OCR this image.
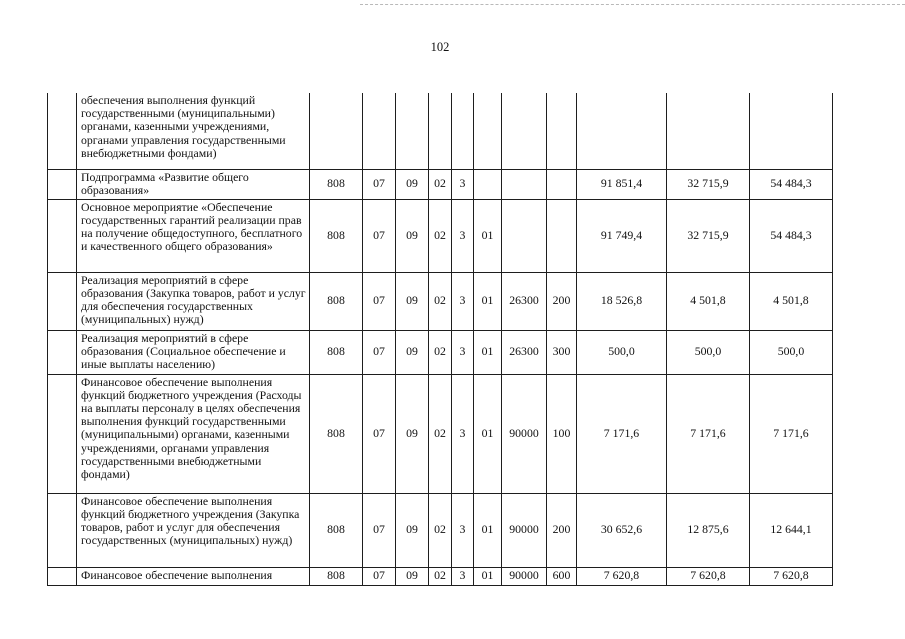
102
	обеспечения выполнения функций государственными (муниципальными) органами, казенными учреждениями, органами управления государственными внебюджетными фондами)											
	Подпрограмма «Развитие общего образования»	808	07	09	02	3				91 851,4	32 715,9	54 484,3
	Основное мероприятие «Обеспечение государственных гарантий реализации прав на получение общедоступного, бесплатного и качественного общего образования»	808	07	09	02	3	01			91 749,4	32 715,9	54 484,3
	Реализация мероприятий в сфере образования (Закупка товаров, работ и услуг для обеспечения государственных (муниципальных) нужд)	808	07	09	02	3	01	26300	200	18 526,8	4 501,8	4 501,8
	Реализация мероприятий в сфере образования (Социальное обеспечение и иные выплаты населению)	808	07	09	02	3	01	26300	300	500,0	500,0	500,0
	Финансовое обеспечение выполнения функций бюджетного учреждения (Расходы на выплаты персоналу в целях обеспечения выполнения функций государственными (муниципальными) органами, казенными учреждениями, органами управления государственными внебюджетными фондами)	808	07	09	02	3	01	90000	100	7 171,6	7 171,6	7 171,6
	Финансовое обеспечение выполнения функций бюджетного учреждения (Закупка товаров, работ и услуг для обеспечения государственных (муниципальных) нужд)	808	07	09	02	3	01	90000	200	30 652,6	12 875,6	12 644,1
	Финансовое обеспечение выполнения	808	07	09	02	3	01	90000	600	7 620,8	7 620,8	7 620,8
